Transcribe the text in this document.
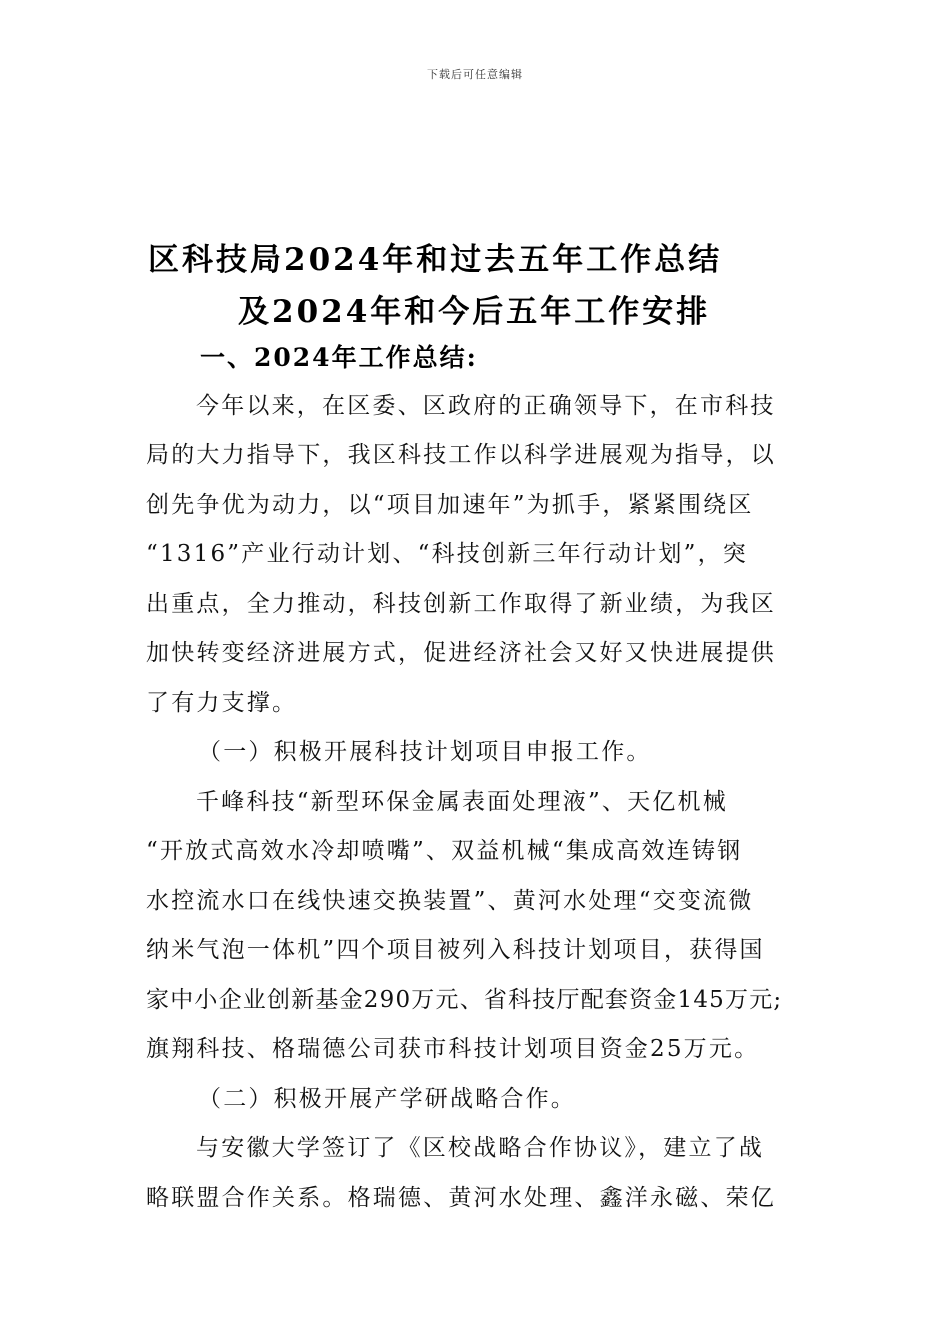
下载后可任意编辑
区科技局2024年和过去五年工作总结
及2024年和今后五年工作安排
一、2024年工作总结:
今年以来，在区委、区政府的正确领导下，在市科技
局的大力指导下，我区科技工作以科学进展观为指导，以
创先争优为动力，以“项目加速年”为抓手，紧紧围绕区
“1316”产业行动计划、“科技创新三年行动计划”，突
出重点，全力推动，科技创新工作取得了新业绩，为我区
加快转变经济进展方式，促进经济社会又好又快进展提供
了有力支撑。
（一）积极开展科技计划项目申报工作。
千峰科技“新型环保金属表面处理液”、天亿机械
“开放式高效水冷却喷嘴”、双益机械“集成高效连铸钢
水控流水口在线快速交换装置”、黄河水处理“交变流微
纳米气泡一体机”四个项目被列入科技计划项目，获得国
家中小企业创新基金290万元、省科技厅配套资金145万元;
旗翔科技、格瑞德公司获市科技计划项目资金25万元。
（二）积极开展产学研战略合作。
与安徽大学签订了《区校战略合作协议》，建立了战
略联盟合作关系。格瑞德、黄河水处理、鑫洋永磁、荣亿
